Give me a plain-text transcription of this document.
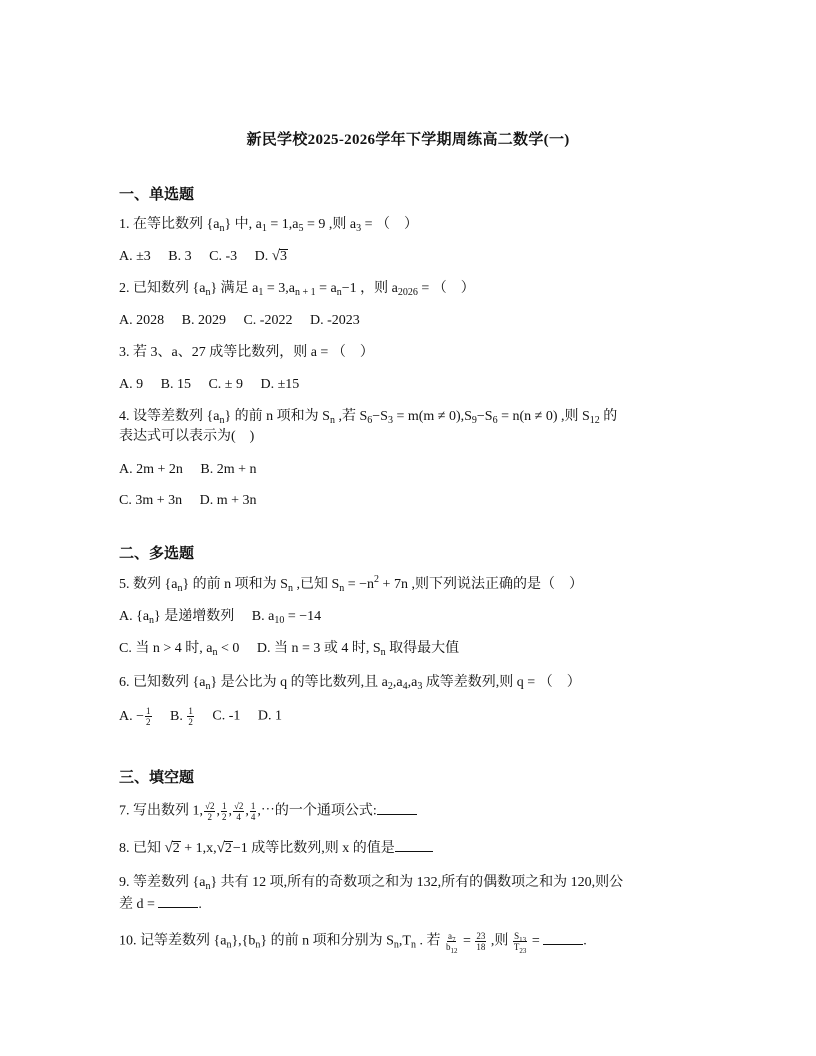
新民学校2025-2026学年下学期周练高二数学(一)
一、单选题
1. 在等比数列 $\{a_n\}$ 中, $a_1 = 1,a_5 = 9$ ,则 $a_3$ = （　）
A. ±3 B. 3 C. -3 D. √ 3
2. 已知数列 $\{a_n\}$ 满足 $a_1 = 3,a_{n + 1} = a_n-1$ ，则 $a_{2026}$ = （　）
A. 2028 B. 2029 C. -2022 D. -2023
3. 若 3、a、27 成等比数列，则 a = （　）
A. 9 B. 15 C. ± 9 D. ±15
4. 设等差数列 $\{a_n\}$ 的前 n 项和为 $S_n$ ,若 $S_6-S_3 = m(m \ne 0),S_9-S_6 = n(n \ne 0)$ ,则 $S_{12}$ 的
表达式可以表示为(　)
A. 2m + 2n B. 2m + n
C. 3m + 3n D. m + 3n
二、多选题
5. 数列 $\{a_n\}$ 的前 n 项和为 $S_n$ ,已知 $S_n = -n^2 + 7n$ ,则下列说法正确的是（　）
A. $\{a_n\}$ 是递增数列 B. $a_{10} = -14$
C. 当 n > 4 时, $a_n < 0$ D. 当 n = 3 或 4 时, $S_n$ 取得最大值
6. 已知数列 $\{a_n\}$ 是公比为 q 的等比数列,且 $a_2,a_4,a_3$ 成等差数列,则 q = （　）
A. − $\frac{1}{2} B$. $\frac{1}{2} C$. -1 D. 1
三、填空题
7. 写出数列 1, $\frac{√2}{2}$ , $\frac{1}{2}$ , $\frac{√2}{4}$ , $\frac{1}{4}$ ,⋯的一个通项公式:
8. 已知 √ 2 + 1,x, √ 2 −1 成等比数列,则 x 的值是
9. 等差数列 $\{a_n\}$ 共有 12 项,所有的奇数项之和为 132,所有的偶数项之和为 120,则公
差 d =	.
10. 记等差数列 $\{a_n\},\{b_n\}$ 的前 n 项和分别为 $S_n,T_n$ . 若 $\frac{a_7}{b_{12}} = \frac{23}{18}$ ,则 $\frac{S_{13}}{T_{23}}$ =	.
